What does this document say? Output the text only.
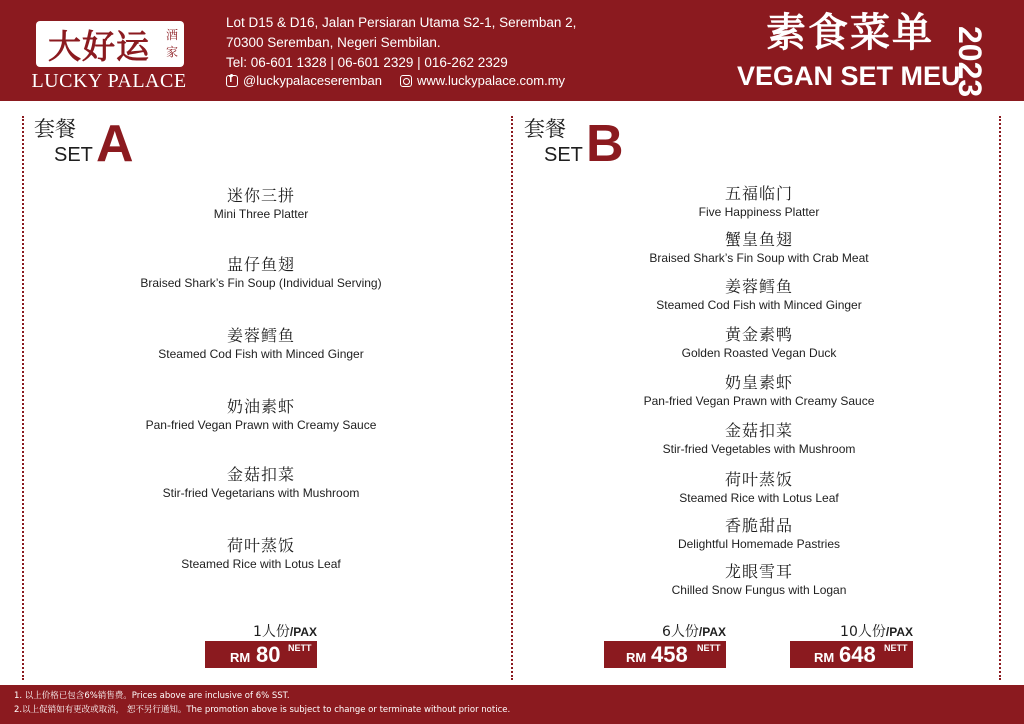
大好运 酒家
LUCKY PALACE
Lot D15 & D16, Jalan Persiaran Utama S2-1, Seremban 2,
70300 Seremban, Negeri Sembilan.
Tel: 06-601 1328 | 06-601 2329 | 016-262 2329
f
@luckypalaceseremban	www.luckypalace.com.my
素食菜单
VEGAN SET MEU
2023
套餐
SET A
迷你三拼
Mini Three Platter
盅仔鱼翅
Braised Shark’s Fin Soup (Individual Serving)
姜蓉鳕鱼
Steamed Cod Fish with Minced Ginger
奶油素虾
Pan-fried Vegan Prawn with Creamy Sauce
金菇扣菜
Stir-fried Vegetarians with Mushroom
荷叶蒸饭
Steamed Rice with Lotus Leaf
1人份/PAX
RM 80 NETT
套餐
SET B
五福临门
Five Happiness Platter
蟹皇鱼翅
Braised Shark’s Fin Soup with Crab Meat
姜蓉鳕鱼
Steamed Cod Fish with Minced Ginger
黄金素鸭
Golden Roasted Vegan Duck
奶皇素虾
Pan-fried Vegan Prawn with Creamy Sauce
金菇扣菜
Stir-fried Vegetables with Mushroom
荷叶蒸饭
Steamed Rice with Lotus Leaf
香脆甜品
Delightful Homemade Pastries
龙眼雪耳
Chilled Snow Fungus with Logan
6人份/PAX
RM 458 NETT
10人份/PAX
RM 648 NETT
1. 以上价格已包含6%销售费。Prices above are inclusive of 6% SST.
2.以上促销如有更改或取消， 恕不另行通知。The promotion above is subject to change or terminate without prior notice.
